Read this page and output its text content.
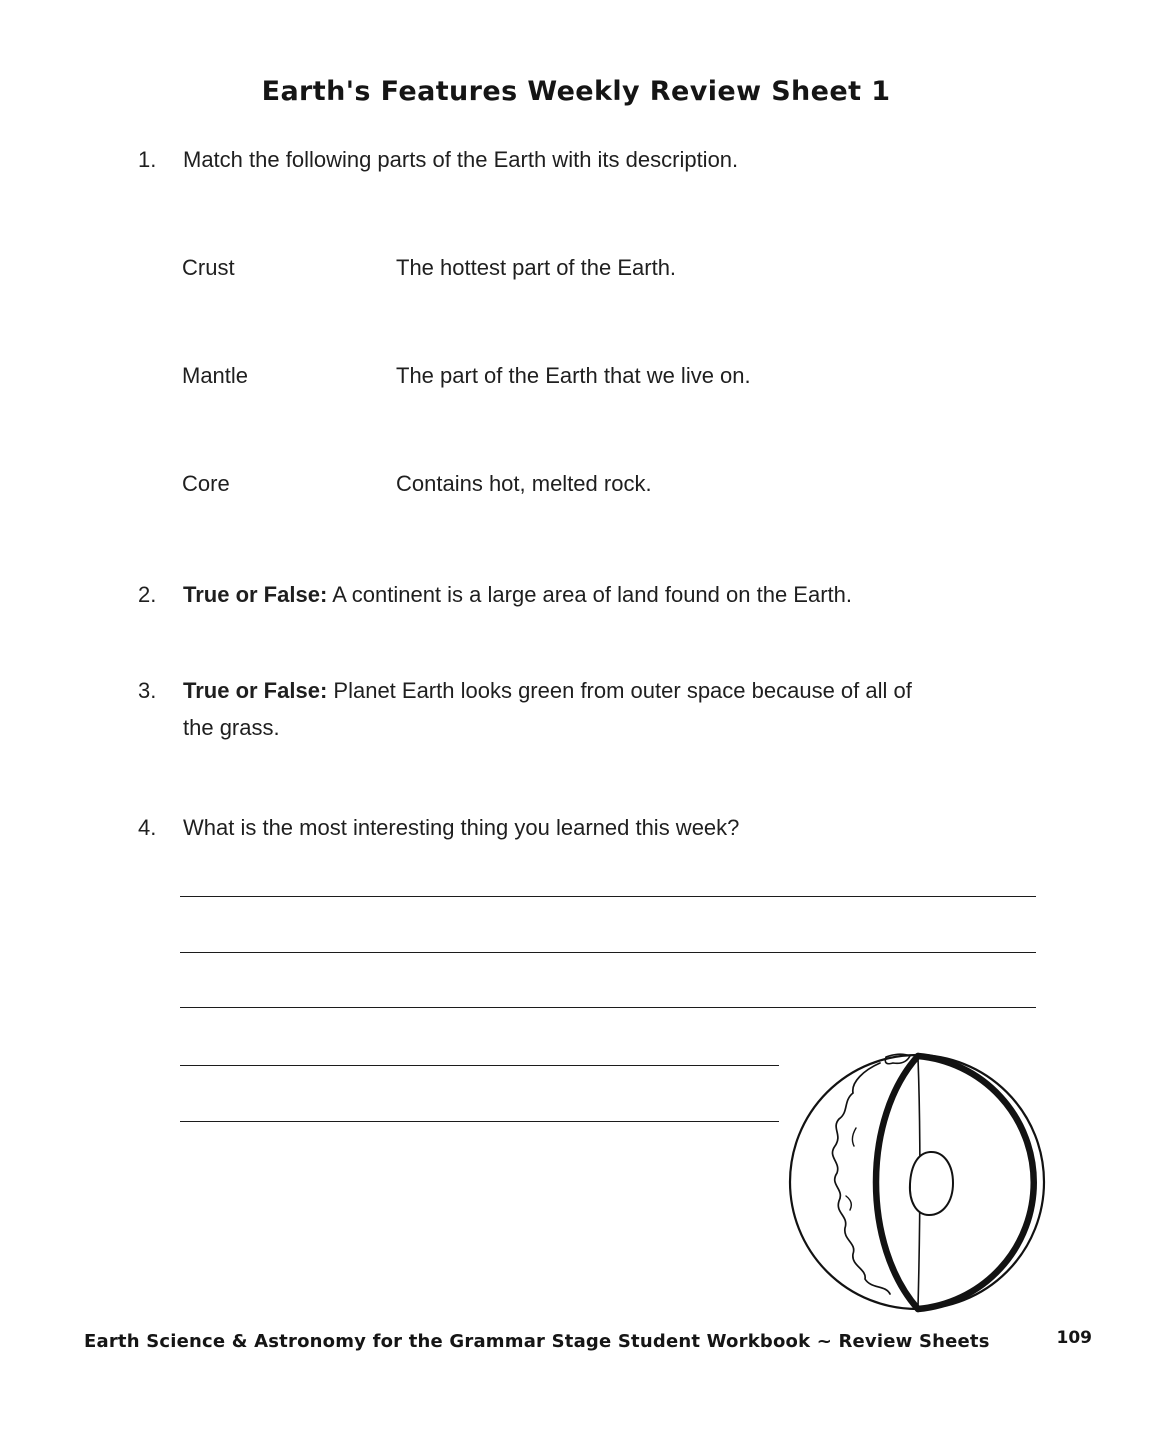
Earth's Features Weekly Review Sheet 1
1. Match the following parts of the Earth with its description.
Crust	The hottest part of the Earth.
Mantle	The part of the Earth that we live on.
Core	Contains hot, melted rock.
2. True or False: A continent is a large area of land found on the Earth.
3. True or False: Planet Earth looks green from outer space because of all of
the grass.
4. What is the most interesting thing you learned this week?
Earth Science & Astronomy for the Grammar Stage Student Workbook ~ Review Sheets	109
